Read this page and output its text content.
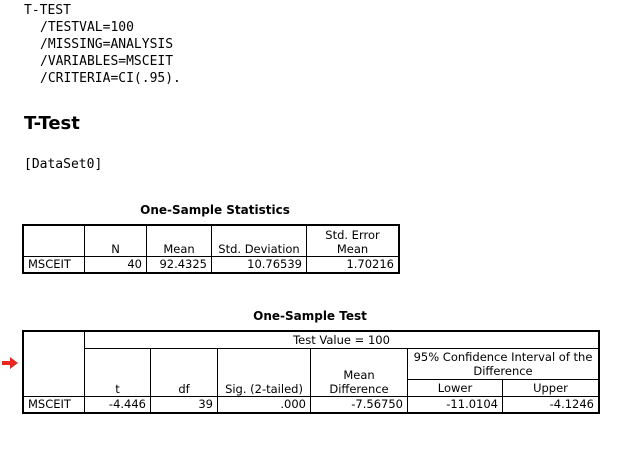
T-TEST
/TESTVAL=100
/MISSING=ANALYSIS
/VARIABLES=MSCEIT
/CRITERIA=CI(.95).
T-Test
[DataSet0]
One-Sample Statistics
	N	Mean	Std. Deviation	Std. Error Mean
MSCEIT	40	92.4325	10.76539	1.70216
One-Sample Test
	Test Value = 100					
	t	df	Sig. (2-tailed)	Mean Difference	95% Confidence Interval of the Difference	
					Lower	Upper
MSCEIT	-4.446	39	.000	-7.56750	-11.0104	-4.1246
